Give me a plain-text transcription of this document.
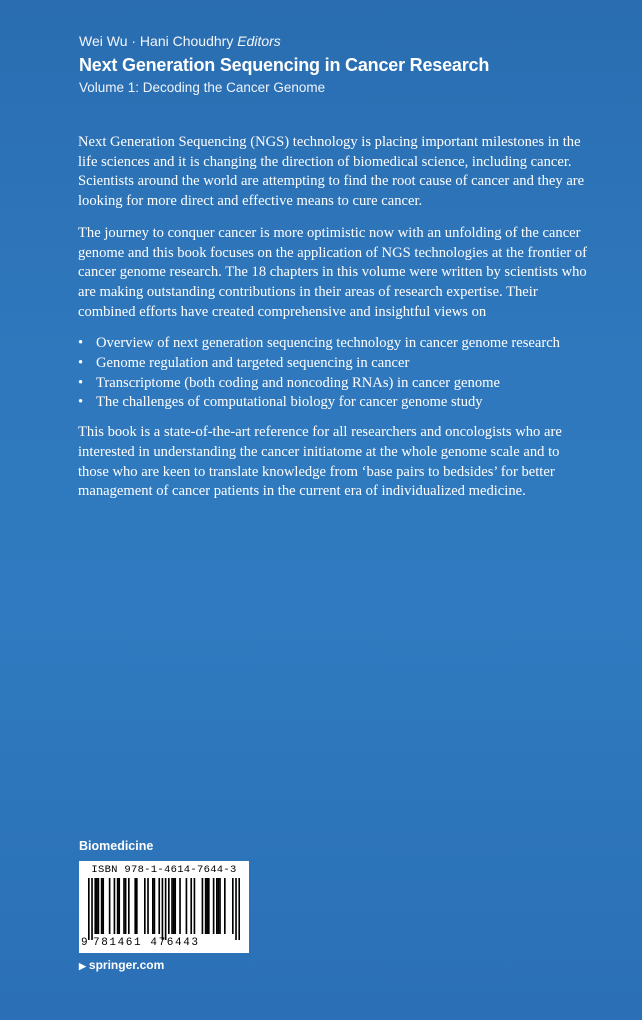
Wei Wu · Hani Choudhry Editors
Next Generation Sequencing in Cancer Research
Volume 1: Decoding the Cancer Genome

Next Generation Sequencing (NGS) technology is placing important milestones in the life sciences and it is changing the direction of biomedical science, including cancer. Scientists around the world are attempting to find the root cause of cancer and they are looking for more direct and effective means to cure cancer.

The journey to conquer cancer is more optimistic now with an unfolding of the cancer genome and this book focuses on the application of NGS technologies at the frontier of cancer genome research. The 18 chapters in this volume were written by scientists who are making outstanding contributions in their areas of research expertise. Their combined efforts have created comprehensive and insightful views on

• Overview of next generation sequencing technology in cancer genome research
• Genome regulation and targeted sequencing in cancer
• Transcriptome (both coding and noncoding RNAs) in cancer genome
• The challenges of computational biology for cancer genome study

This book is a state-of-the-art reference for all researchers and oncologists who are interested in understanding the cancer initiatome at the whole genome scale and to those who are keen to translate knowledge from ‘base pairs to bedsides’ for better management of cancer patients in the current era of individualized medicine.

Biomedicine
ISBN 978-1-4614-7644-3
9 781461 476443
▶ springer.com
